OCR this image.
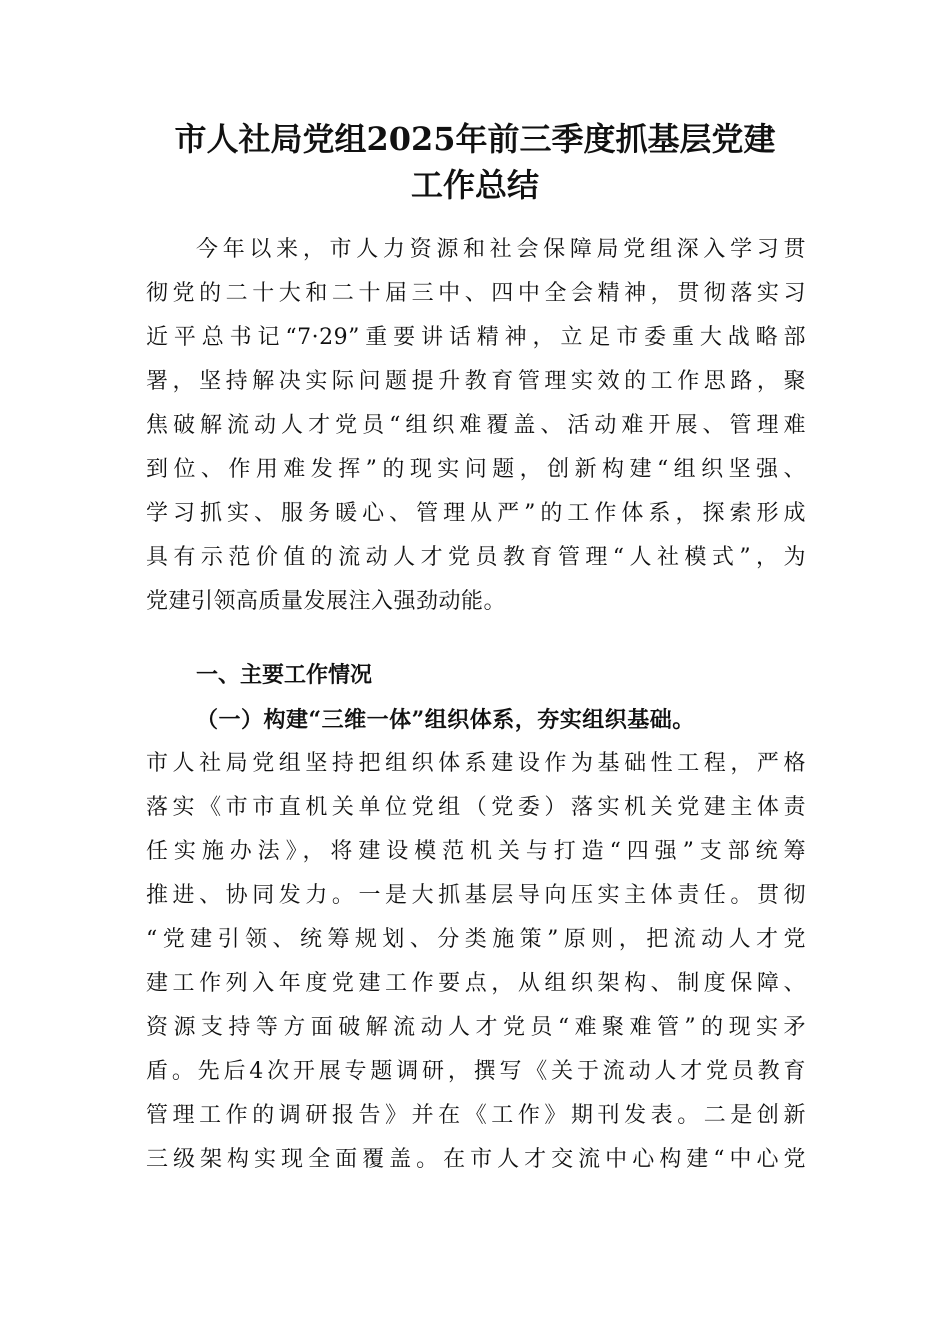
市人社局党组2025年前三季度抓基层党建
工作总结

今年以来，市人力资源和社会保障局党组深入学习贯

彻党的二十大和二十届三中、四中全会精神，贯彻落实习

近平总书记“7·29”重要讲话精神，立足市委重大战略部

署，坚持解决实际问题提升教育管理实效的工作思路，聚

焦破解流动人才党员“组织难覆盖、活动难开展、管理难

到位、作用难发挥”的现实问题，创新构建“组织坚强、

学习抓实、服务暖心、管理从严”的工作体系，探索形成

具有示范价值的流动人才党员教育管理“人社模式”，为

党建引领高质量发展注入强劲动能。

一、主要工作情况

（一）构建“三维一体”组织体系，夯实组织基础。

市人社局党组坚持把组织体系建设作为基础性工程，严格

落实《市市直机关单位党组（党委）落实机关党建主体责

任实施办法》，将建设模范机关与打造“四强”支部统筹

推进、协同发力。一是大抓基层导向压实主体责任。贯彻

“党建引领、统筹规划、分类施策”原则，把流动人才党

建工作列入年度党建工作要点，从组织架构、制度保障、

资源支持等方面破解流动人才党员“难聚难管”的现实矛

盾。先后4次开展专题调研，撰写《关于流动人才党员教育

管理工作的调研报告》并在《工作》期刊发表。二是创新

三级架构实现全面覆盖。在市人才交流中心构建“中心党
